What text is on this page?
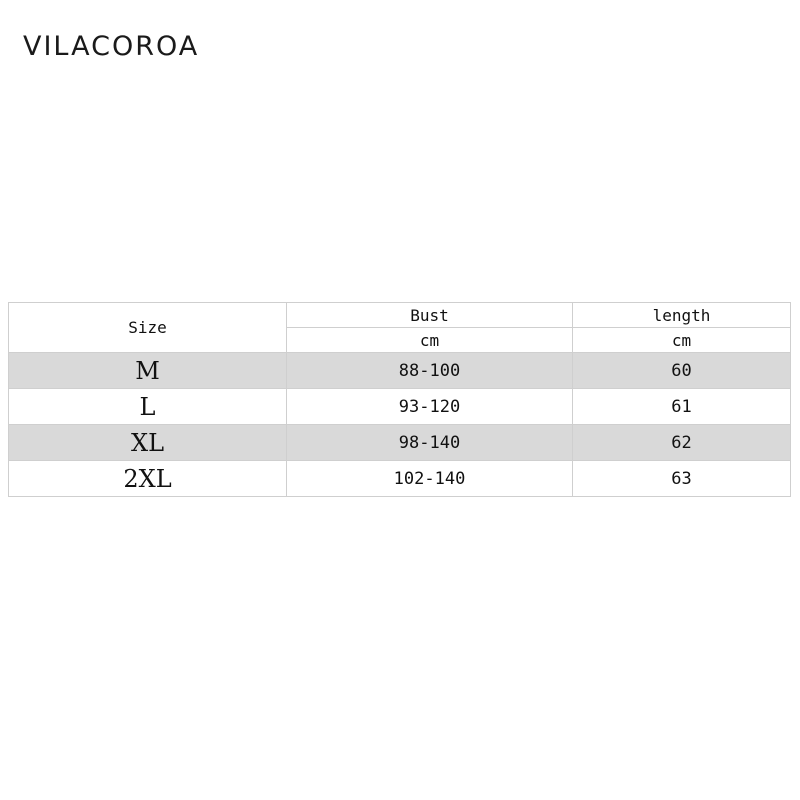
VILACOROA
Size	Bust	length
	cm	cm
M	88-100	60
L	93-120	61
XL	98-140	62
2XL	102-140	63
